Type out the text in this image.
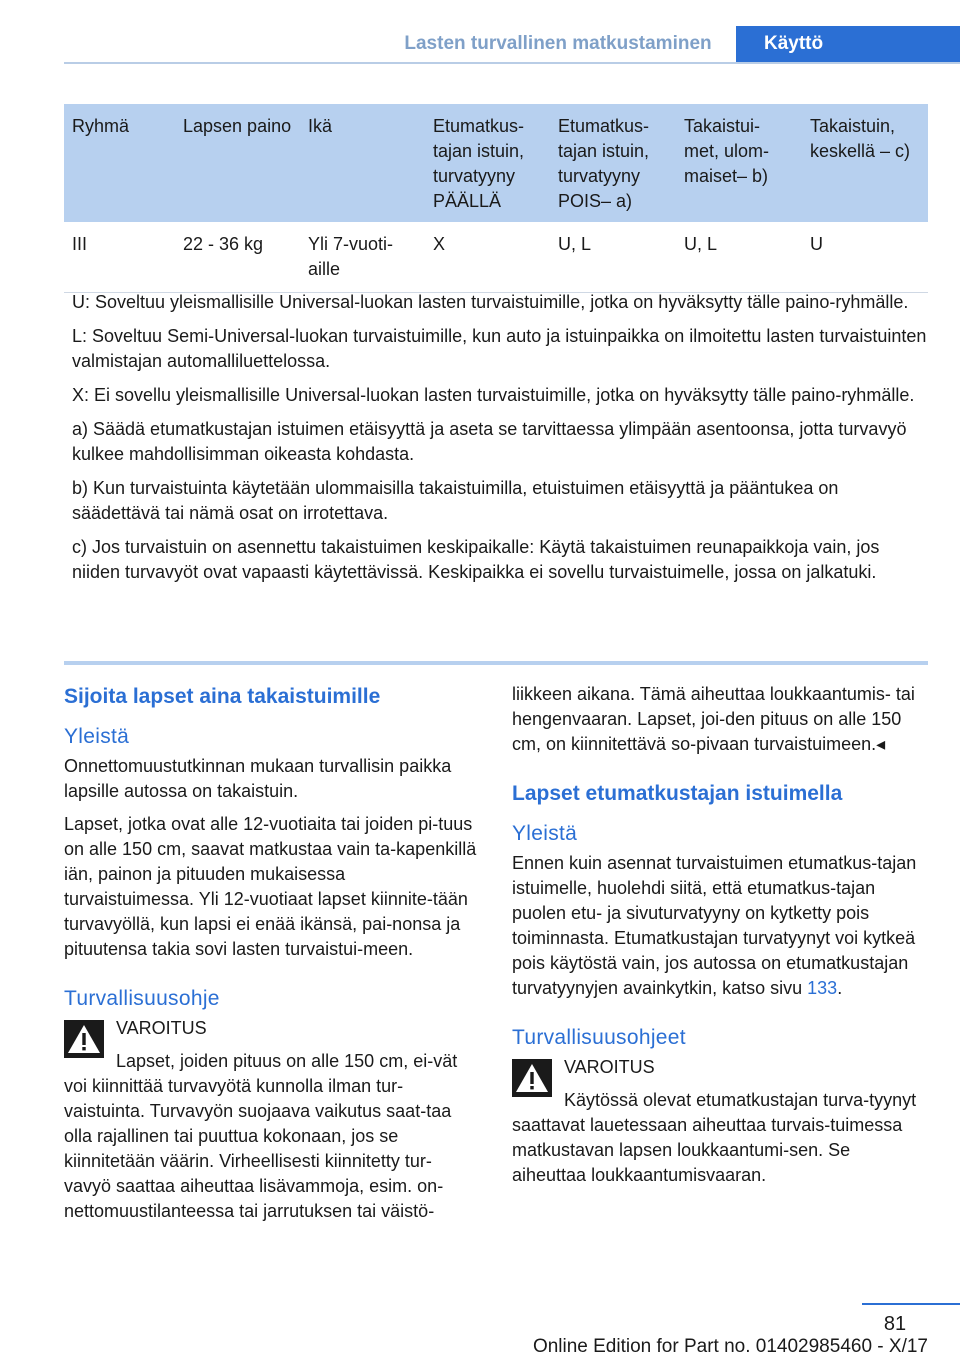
Lasten turvallinen matkustaminen	Käyttö
Ryhmä	Lapsen paino	Ikä	Etumatkus-tajan istuin, turvatyyny PÄÄLLÄ	Etumatkus-tajan istuin, turvatyyny POIS– a)	Takaistui-met, ulom-maiset– b)	Takaistuin, keskellä – c)
III	22 - 36 kg	Yli 7-vuoti-aille	X	U, L	U, L	U

U: Soveltuu yleismallisille Universal-luokan lasten turvaistuimille, jotka on hyväksytty tälle paino-ryhmälle.

L: Soveltuu Semi-Universal-luokan turvaistuimille, kun auto ja istuinpaikka on ilmoitettu lasten turvaistuinten valmistajan automalliluettelossa.

X: Ei sovellu yleismallisille Universal-luokan lasten turvaistuimille, jotka on hyväksytty tälle paino-ryhmälle.

a) Säädä etumatkustajan istuimen etäisyyttä ja aseta se tarvittaessa ylimpään asentoonsa, jotta turvavyö kulkee mahdollisimman oikeasta kohdasta.

b) Kun turvaistuinta käytetään ulommaisilla takaistuimilla, etuistuimen etäisyyttä ja pääntukea on säädettävä tai nämä osat on irrotettava.

c) Jos turvaistuin on asennettu takaistuimen keskipaikalle: Käytä takaistuimen reunapaikkoja vain, jos niiden turvavyöt ovat vapaasti käytettävissä. Keskipaikka ei sovellu turvaistuimelle, jossa on jalkatuki.

Sijoita lapset aina takaistuimille
Yleistä

Onnettomuustutkinnan mukaan turvallisin paikka lapsille autossa on takaistuin.

Lapset, jotka ovat alle 12-vuotiaita tai joiden pi-tuus on alle 150 cm, saavat matkustaa vain ta-kapenkillä iän, painon ja pituuden mukaisessa turvaistuimessa. Yli 12-vuotiaat lapset kiinnite-tään turvavyöllä, kun lapsi ei enää ikänsä, pai-nonsa ja pituutensa takia sovi lasten turvaistui-meen.

Turvallisuusohje

VAROITUS

Lapset, joiden pituus on alle 150 cm, ei-vät voi kiinnittää turvavyötä kunnolla ilman tur-vaistuinta. Turvavyön suojaava vaikutus saat-taa olla rajallinen tai puuttua kokonaan, jos se kiinnitetään väärin. Virheellisesti kiinnitetty tur-vavyö saattaa aiheuttaa lisävammoja, esim. on-nettomuustilanteessa tai jarrutuksen tai väistö-

liikkeen aikana. Tämä aiheuttaa loukkaantumis- tai hengenvaaran. Lapset, joi-den pituus on alle 150 cm, on kiinnitettävä so-pivaan turvaistuimeen.◂

Lapset etumatkustajan istuimella
Yleistä

Ennen kuin asennat turvaistuimen etumatkus-tajan istuimelle, huolehdi siitä, että etumatkus-tajan puolen etu- ja sivuturvatyyny on kytketty pois toiminnasta. Etumatkustajan turvatyynyt voi kytkeä pois käytöstä vain, jos autossa on etumatkustajan turvatyynyjen avainkytkin, katso sivu 133.

Turvallisuusohjeet

VAROITUS

Käytössä olevat etumatkustajan turva-tyynyt saattavat lauetessaan aiheuttaa turvais-tuimessa matkustavan lapsen loukkaantumi-sen. Se aiheuttaa loukkaantumisvaaran.

81
Online Edition for Part no. 01402985460 - X/17
